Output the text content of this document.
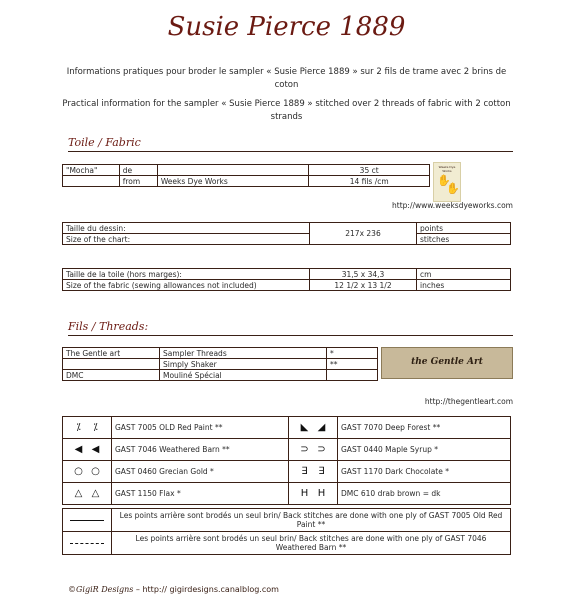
Susie Pierce 1889
Informations pratiques pour broder le sampler « Susie Pierce 1889 » sur 2 fils de trame avec 2 brins de coton
Practical information for the sampler « Susie Pierce 1889 » stitched over 2 threads of fabric with 2 cotton strands
Toile / Fabric
"Mocha"	de		35 ct
	from	Weeks Dye Works	14 fils /cm
Weeks Dye Works
✋
✋
http://www.weeksdyeworks.com
Taille du dessin:	217x 236	points
Size of the chart:		stitches
Taille de la toile (hors marges):	31,5 x 34,3	cm
Size of the fabric (sewing allowances not included)	12 1/2 x 13 1/2	inches
Fils / Threads:
The Gentle art	Sampler Threads	*
	Simply Shaker	**
DMC	Mouliné Spécial	
the Gentle Art
http://thegentleart.com
⁒ ⁒	GAST 7005 OLD Red Paint **	◣ ◢	GAST 7070 Deep Forest **
◀ ◀	GAST 7046 Weathered Barn **	⊃ ⊃	GAST 0440 Maple Syrup *
○ ○	GAST 0460 Grecian Gold *	∃ ∃	GAST 1170 Dark Chocolate *
△ △	GAST 1150 Flax *	H H	DMC 610 drab brown = dk
	Les points arrière sont brodés un seul brin/ Back stitches are done with one ply of GAST 7005 Old Red Paint **
	Les points arrière sont brodés un seul brin/ Back stitches are done with one ply of GAST 7046 Weathered Barn **
©GigiR Designs – http:// gigirdesigns.canalblog.com
